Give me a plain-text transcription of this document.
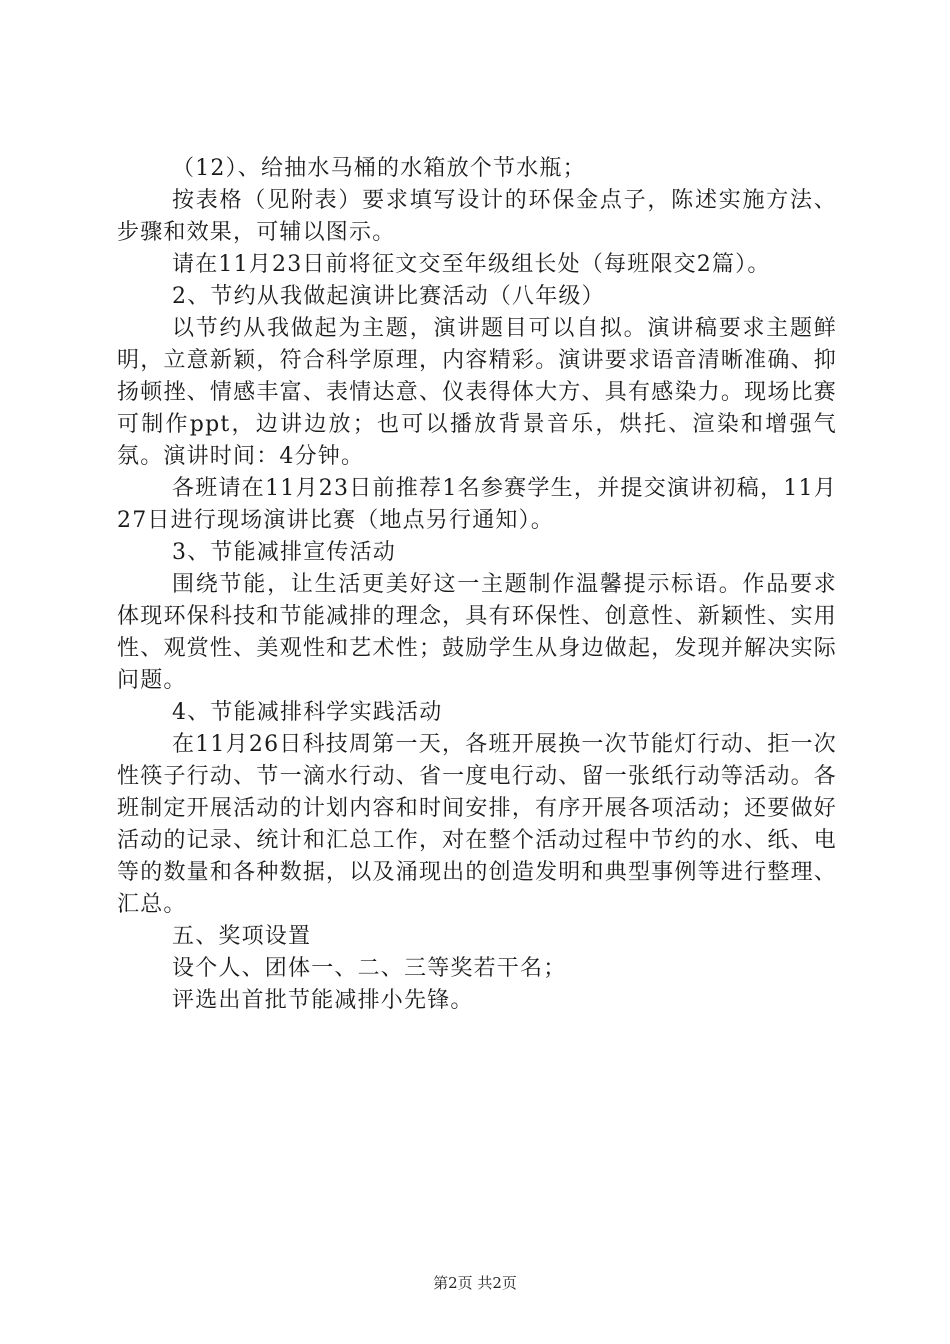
（12）、给抽水马桶的水箱放个节水瓶；

按表格（见附表）要求填写设计的环保金点子，陈述实施方法、步骤和效果，可辅以图示。

请在11月23日前将征文交至年级组长处（每班限交2篇）。

2、节约从我做起演讲比赛活动（八年级）

以节约从我做起为主题，演讲题目可以自拟。演讲稿要求主题鲜明，立意新颖，符合科学原理，内容精彩。演讲要求语音清晰准确、抑扬顿挫、情感丰富、表情达意、仪表得体大方、具有感染力。现场比赛可制作ppt，边讲边放；也可以播放背景音乐，烘托、渲染和增强气氛。演讲时间：4分钟。

各班请在11月23日前推荐1名参赛学生，并提交演讲初稿，11月27日进行现场演讲比赛（地点另行通知）。

3、节能减排宣传活动

围绕节能，让生活更美好这一主题制作温馨提示标语。作品要求体现环保科技和节能减排的理念，具有环保性、创意性、新颖性、实用性、观赏性、美观性和艺术性；鼓励学生从身边做起，发现并解决实际问题。

4、节能减排科学实践活动

在11月26日科技周第一天，各班开展换一次节能灯行动、拒一次性筷子行动、节一滴水行动、省一度电行动、留一张纸行动等活动。各班制定开展活动的计划内容和时间安排，有序开展各项活动；还要做好活动的记录、统计和汇总工作，对在整个活动过程中节约的水、纸、电等的数量和各种数据，以及涌现出的创造发明和典型事例等进行整理、汇总。

五、奖项设置

设个人、团体一、二、三等奖若干名；

评选出首批节能减排小先锋。

第2页 共2页
